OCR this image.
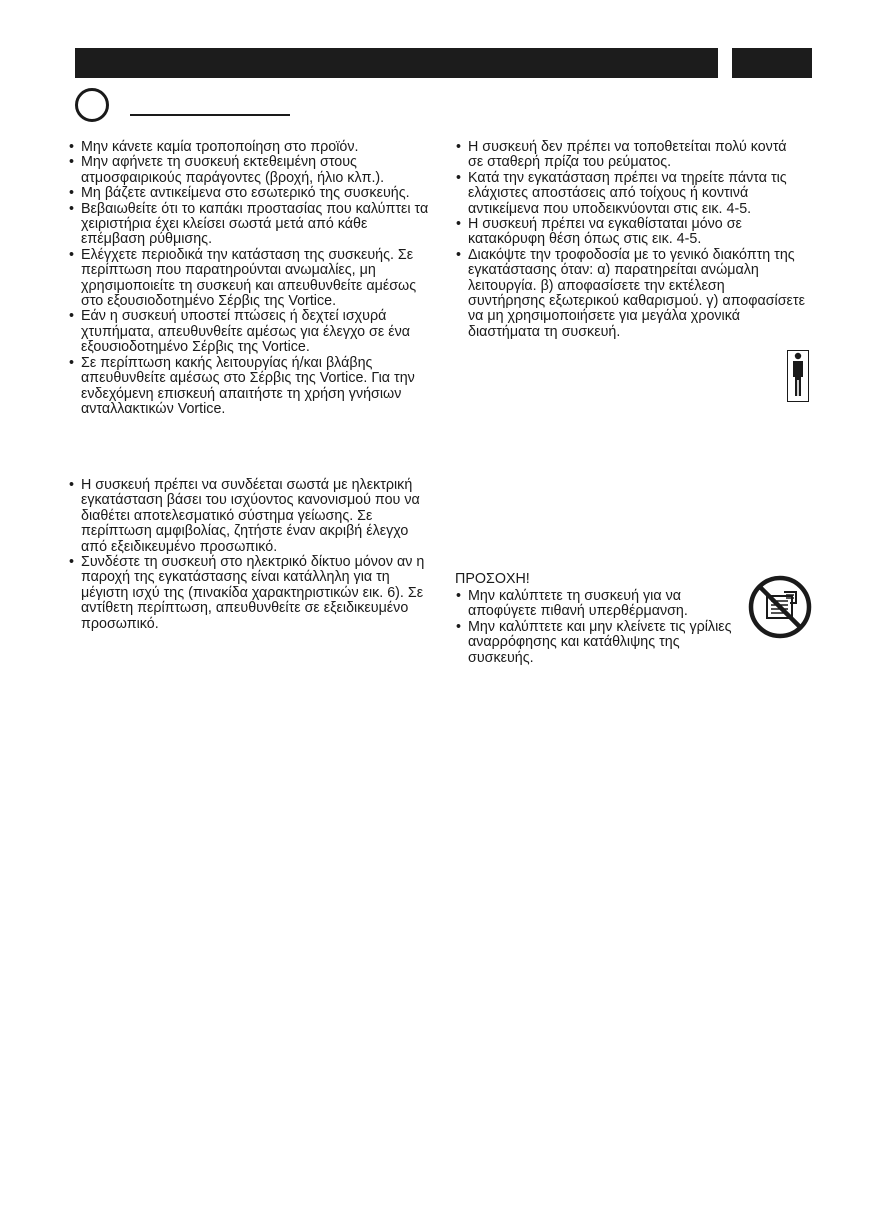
• Μην κάνετε καμία τροποποίηση στο προϊόν.
• Μην αφήνετε τη συσκευή εκτεθειμένη στους ατμοσφαιρικούς παράγοντες (βροχή, ήλιο κλπ.).
• Μη βάζετε αντικείμενα στο εσωτερικό της συσκευής.
• Βεβαιωθείτε ότι το καπάκι προστασίας που καλύπτει τα χειριστήρια έχει κλείσει σωστά μετά από κάθε επέμβαση ρύθμισης.
• Ελέγχετε περιοδικά την κατάσταση της συσκευής. Σε περίπτωση που παρατηρούνται ανωμαλίες, μη χρησιμοποιείτε τη συσκευή και απευθυνθείτε αμέσως στο εξουσιοδοτημένο Σέρβις της Vortice.
• Εάν η συσκευή υποστεί πτώσεις ή δεχτεί ισχυρά χτυπήματα, απευθυνθείτε αμέσως για έλεγχο σε ένα εξουσιοδοτημένο Σέρβις της Vortice.
• Σε περίπτωση κακής λειτουργίας ή/και βλάβης απευθυνθείτε αμέσως στο Σέρβις της Vortice. Για την ενδεχόμενη επισκευή απαιτήστε τη χρήση γνήσιων ανταλλακτικών Vortice.
• Η συσκευή πρέπει να συνδέεται σωστά με ηλεκτρική εγκατάσταση βάσει του ισχύοντος κανονισμού που να διαθέτει αποτελεσματικό σύστημα γείωσης. Σε περίπτωση αμφιβολίας, ζητήστε έναν ακριβή έλεγχο από εξειδικευμένο προσωπικό.
• Συνδέστε τη συσκευή στο ηλεκτρικό δίκτυο μόνον αν η παροχή της εγκατάστασης είναι κατάλληλη για τη μέγιστη ισχύ της (πινακίδα χαρακτηριστικών εικ. 6). Σε αντίθετη περίπτωση, απευθυνθείτε σε εξειδικευμένο προσωπικό.
• Η συσκευή δεν πρέπει να τοποθετείται πολύ κοντά σε σταθερή πρίζα του ρεύματος.
• Κατά την εγκατάσταση πρέπει να τηρείτε πάντα τις ελάχιστες αποστάσεις από τοίχους ή κοντινά αντικείμενα που υποδεικνύονται στις εικ. 4-5.
• Η συσκευή πρέπει να εγκαθίσταται μόνο σε κατακόρυφη θέση όπως στις εικ. 4-5.
• Διακόψτε την τροφοδοσία με το γενικό διακόπτη της εγκατάστασης όταν: α) παρατηρείται ανώμαλη λειτουργία. β) αποφασίσετε την εκτέλεση συντήρησης εξωτερικού καθαρισμού. γ) αποφασίσετε να μη χρησιμοποιήσετε για μεγάλα χρονικά διαστήματα τη συσκευή.
ΠΡΟΣΟΧΗ!
• Μην καλύπτετε τη συσκευή για να αποφύγετε πιθανή υπερθέρμανση.
• Μην καλύπτετε και μην κλείνετε τις γρίλιες αναρρόφησης και κατάθλιψης της συσκευής.
